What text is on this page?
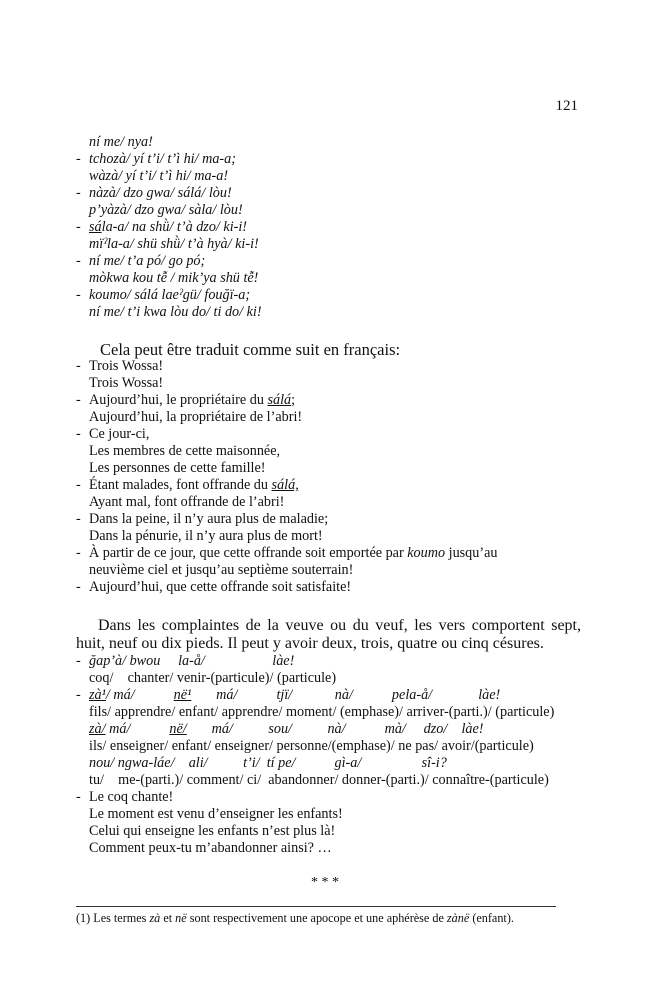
121
ní me/ nya!
- tchozà/ yí t’i/ t’ì hi/ ma-a;
wàzà/ yí t’i/ t’ì hi/ ma-a!
- nàzà/ dzo gwa/ sálá/ lòu!
p’yàzà/ dzo gwa/ sàla/ lòu!
- sála-a/ na shǜ/ t’à dzo/ ki-i!
mïˀla-a/ shü shǜ/ t’à hyà/ ki-i!
- ní me/ t’a pó/ go pó;
mòkwa kou tễ / mik’ya shü tễ!
- koumo/ sálá laeˀgü/ fouğï-a;
ní me/ t’i kwa lòu do/ ti do/ ki!
Cela peut être traduit comme suit en français:
- Trois Wossa!
Trois Wossa!
- Aujourd’hui, le propriétaire du sálá;
Aujourd’hui, la propriétaire de l’abri!
- Ce jour-ci,
Les membres de cette maisonnée,
Les personnes de cette famille!
- Étant malades, font offrande du sálá,
Ayant mal, font offrande de l’abri!
- Dans la peine, il n’y aura plus de maladie;
Dans la pénurie, il n’y aura plus de mort!
- À partir de ce jour, que cette offrande soit emportée par koumo jusqu’au
neuvième ciel et jusqu’au septième souterrain!
- Aujourd’hui, que cette offrande soit satisfaite!
Dans les complaintes de la veuve ou du veuf, les vers comportent sept, huit, neuf ou dix pieds. Il peut y avoir deux, trois, quatre ou cinq césures.
- ğap’à/ bwou     la-å/                   làe!
coq/    chanter/ venir-(particule)/ (particule)
- zà¹/ má/           në¹       má/           tjï/            nà/           pela-å/             làe!
fils/ apprendre/ enfant/ apprendre/ moment/ (emphase)/ arriver-(parti.)/ (particule)
zà/ má/           në/       má/          sou/          nà/           mà/     dzo/    làe!
ils/ enseigner/ enfant/ enseigner/ personne/(emphase)/ ne pas/ avoir/(particule)
nou/ ngwa-láe/    ali/          t’i/  tí pe/           gì-a/                 sî-i?
tu/    me-(parti.)/ comment/ ci/  abandonner/ donner-(parti.)/ connaître-(particule)
- Le coq chante!
Le moment est venu d’enseigner les enfants!
Celui qui enseigne les enfants n’est plus là!
Comment peux-tu m’abandonner ainsi? …
* * *
(1) Les termes zà et në sont respectivement une apocope et une aphérèse de zànë (enfant).
